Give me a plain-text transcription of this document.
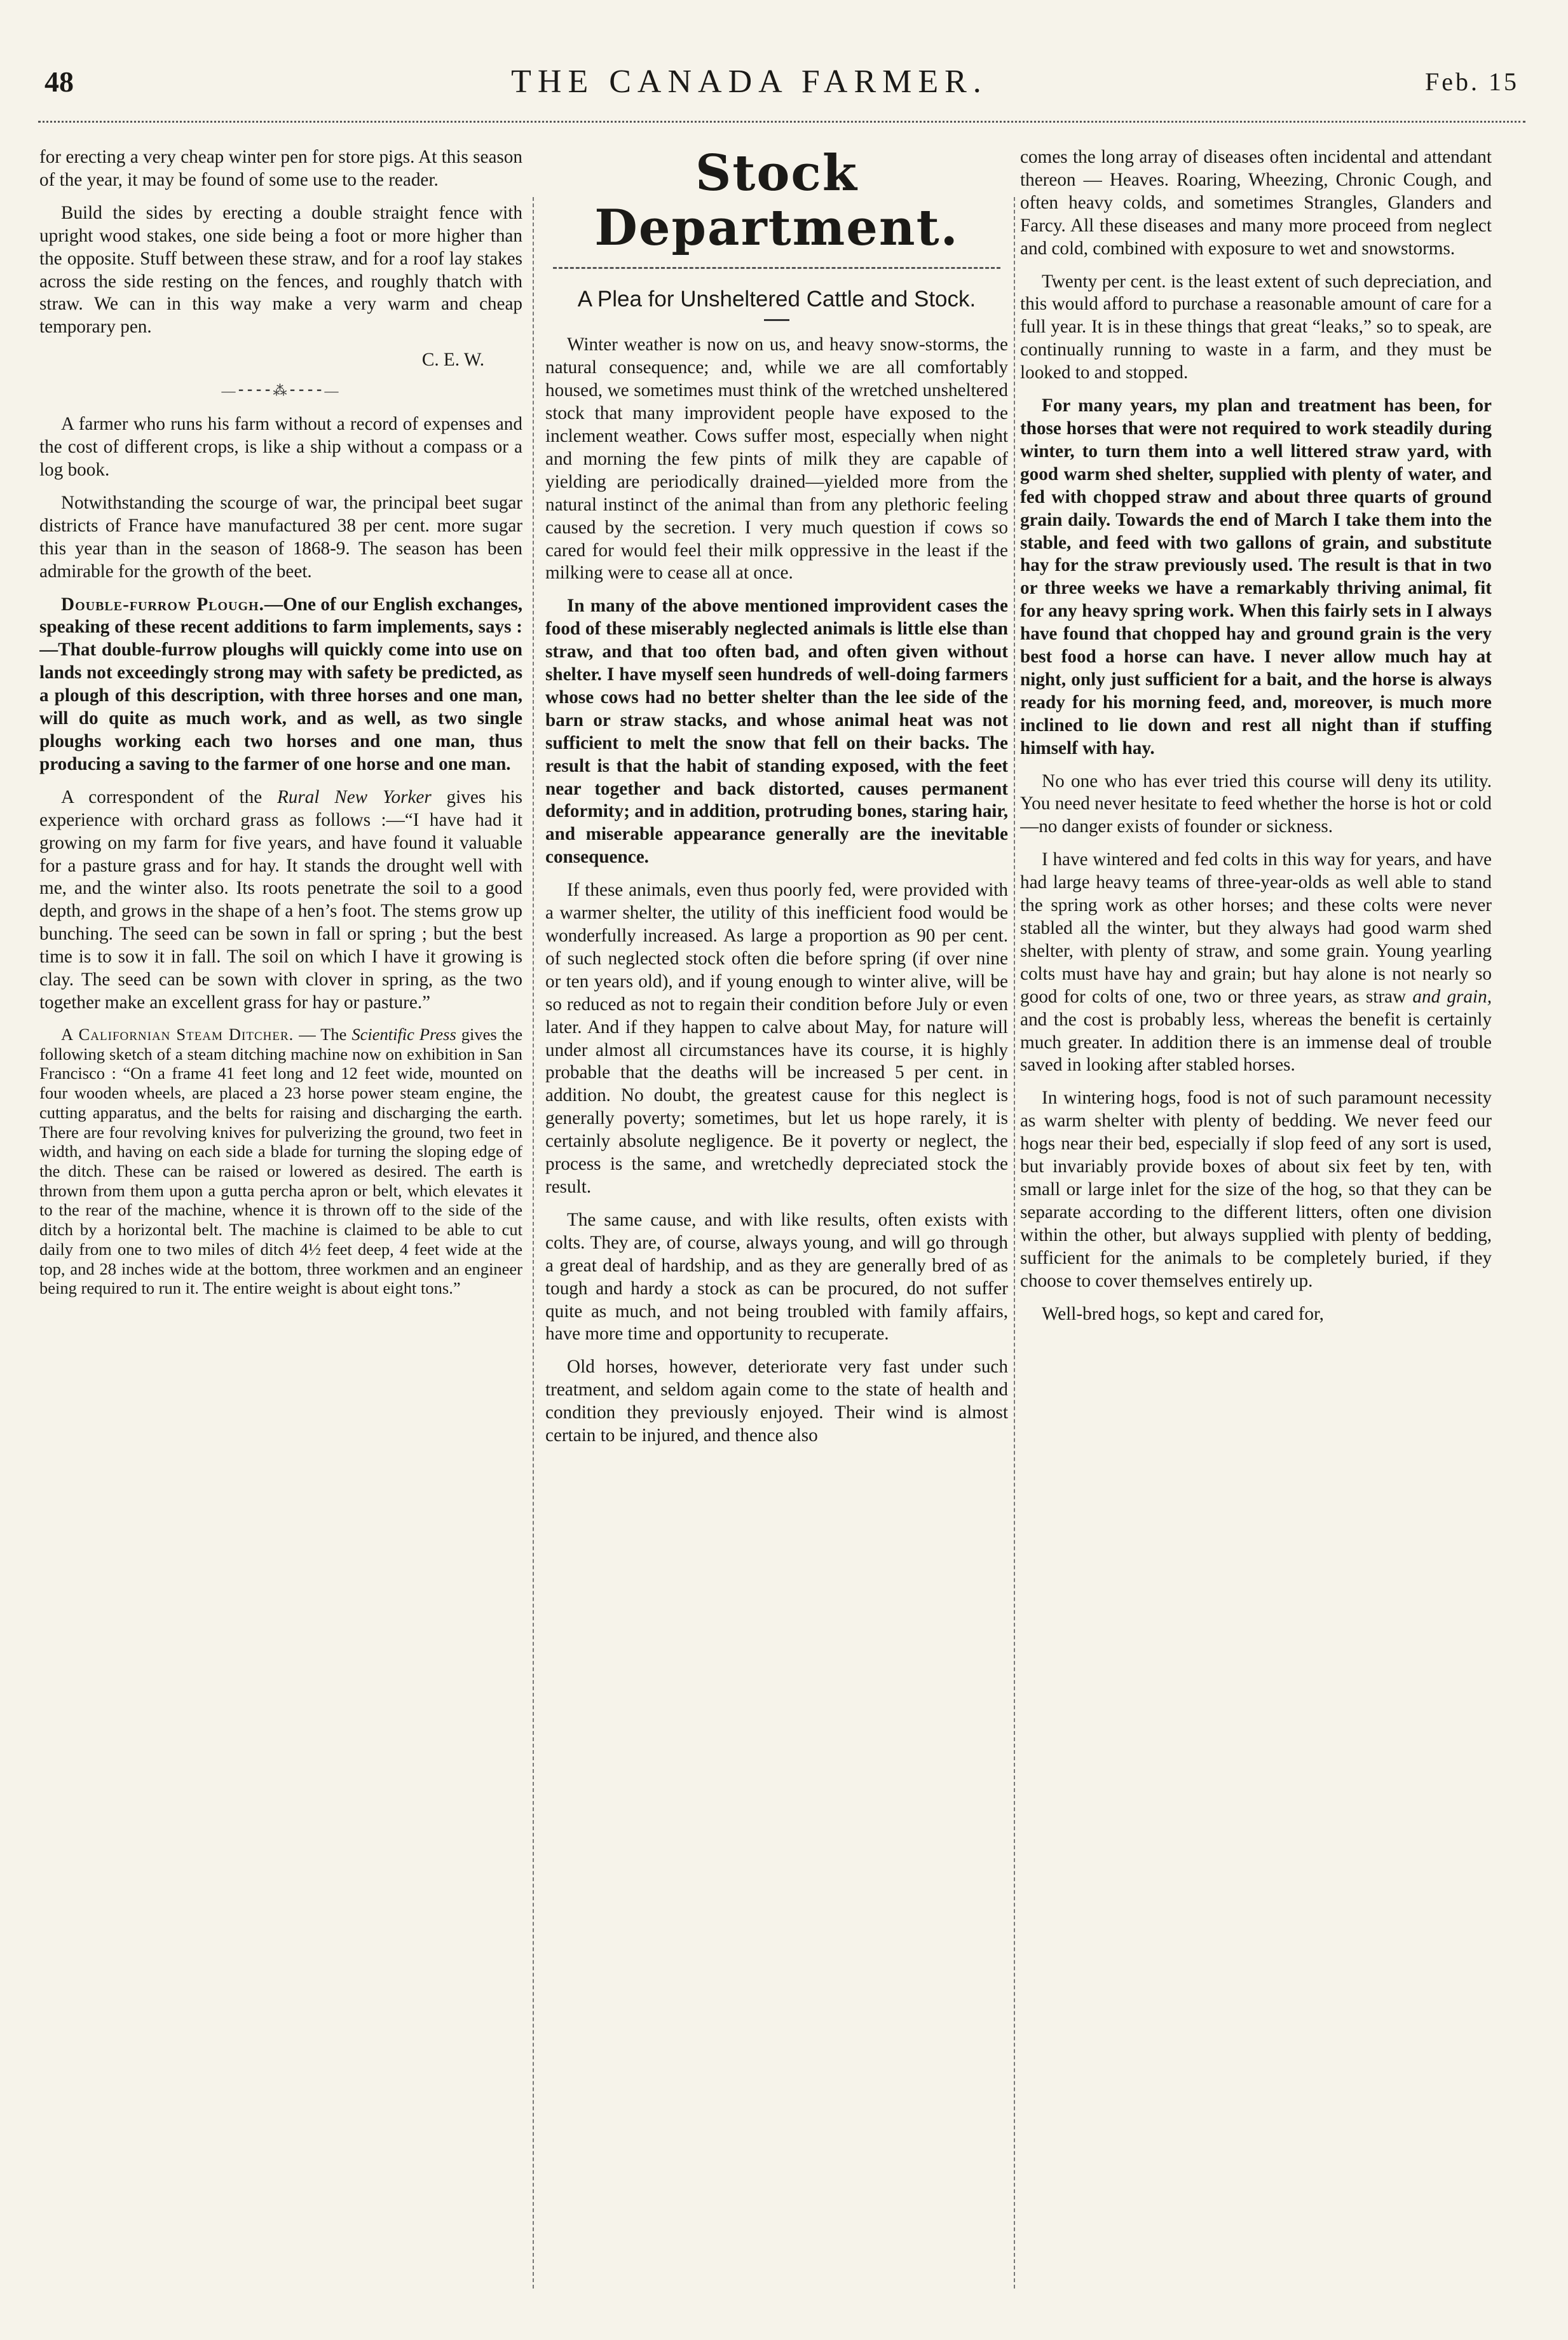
48	THE CANADA FARMER.	Feb. 15

for erecting a very cheap winter pen for store pigs. At this season of the year, it may be found of some use to the reader.

Build the sides by erecting a double straight fence with upright wood stakes, one side being a foot or more higher than the opposite. Stuff between these straw, and for a roof lay stakes across the side resting on the fences, and roughly thatch with straw. We can in this way make a very warm and cheap temporary pen.

C. E. W.

—⁃⁃⁃⁃⁂⁃⁃⁃⁃—

A farmer who runs his farm without a record of expenses and the cost of different crops, is like a ship without a compass or a log book.

Notwithstanding the scourge of war, the principal beet sugar districts of France have manufactured 38 per cent. more sugar this year than in the season of 1868-9. The season has been admirable for the growth of the beet.

Double-furrow Plough.—One of our English exchanges, speaking of these recent additions to farm implements, says :—That double-furrow ploughs will quickly come into use on lands not exceedingly strong may with safety be predicted, as a plough of this description, with three horses and one man, will do quite as much work, and as well, as two single ploughs working each two horses and one man, thus producing a saving to the farmer of one horse and one man.

A correspondent of the Rural New Yorker gives his experience with orchard grass as follows :—“I have had it growing on my farm for five years, and have found it valuable for a pasture grass and for hay. It stands the drought well with me, and the winter also. Its roots penetrate the soil to a good depth, and grows in the shape of a hen’s foot. The stems grow up bunching. The seed can be sown in fall or spring ; but the best time is to sow it in fall. The soil on which I have it growing is clay. The seed can be sown with clover in spring, as the two together make an excellent grass for hay or pasture.”

A Californian Steam Ditcher. — The Scientific Press gives the following sketch of a steam ditching machine now on exhibition in San Francisco : “On a frame 41 feet long and 12 feet wide, mounted on four wooden wheels, are placed a 23 horse power steam engine, the cutting apparatus, and the belts for raising and discharging the earth. There are four revolving knives for pulverizing the ground, two feet in width, and having on each side a blade for turning the sloping edge of the ditch. These can be raised or lowered as desired. The earth is thrown from them upon a gutta percha apron or belt, which elevates it to the rear of the machine, whence it is thrown off to the side of the ditch by a horizontal belt. The machine is claimed to be able to cut daily from one to two miles of ditch 4½ feet deep, 4 feet wide at the top, and 28 inches wide at the bottom, three workmen and an engineer being required to run it. The entire weight is about eight tons.”

Stock Department.
A Plea for Unsheltered Cattle and Stock.

Winter weather is now on us, and heavy snow-storms, the natural consequence; and, while we are all comfortably housed, we sometimes must think of the wretched unsheltered stock that many improvident people have exposed to the inclement weather. Cows suffer most, especially when night and morning the few pints of milk they are capable of yielding are periodically drained—yielded more from the natural instinct of the animal than from any plethoric feeling caused by the secretion. I very much question if cows so cared for would feel their milk oppressive in the least if the milking were to cease all at once.

In many of the above mentioned improvident cases the food of these miserably neglected animals is little else than straw, and that too often bad, and often given without shelter. I have myself seen hundreds of well-doing farmers whose cows had no better shelter than the lee side of the barn or straw stacks, and whose animal heat was not sufficient to melt the snow that fell on their backs. The result is that the habit of standing exposed, with the feet near together and back distorted, causes permanent deformity; and in addition, protruding bones, staring hair, and miserable appearance generally are the inevitable consequence.

If these animals, even thus poorly fed, were provided with a warmer shelter, the utility of this inefficient food would be wonderfully increased. As large a proportion as 90 per cent. of such neglected stock often die before spring (if over nine or ten years old), and if young enough to winter alive, will be so reduced as not to regain their condition before July or even later. And if they happen to calve about May, for nature will under almost all circumstances have its course, it is highly probable that the deaths will be increased 5 per cent. in addition. No doubt, the greatest cause for this neglect is generally poverty; sometimes, but let us hope rarely, it is certainly absolute negligence. Be it poverty or neglect, the process is the same, and wretchedly depreciated stock the result.

The same cause, and with like results, often exists with colts. They are, of course, always young, and will go through a great deal of hardship, and as they are generally bred of as tough and hardy a stock as can be procured, do not suffer quite as much, and not being troubled with family affairs, have more time and opportunity to recuperate.

Old horses, however, deteriorate very fast under such treatment, and seldom again come to the state of health and condition they previously enjoyed. Their wind is almost certain to be injured, and thence also

comes the long array of diseases often incidental and attendant thereon — Heaves. Roaring, Wheezing, Chronic Cough, and often heavy colds, and sometimes Strangles, Glanders and Farcy. All these diseases and many more proceed from neglect and cold, combined with exposure to wet and snowstorms.

Twenty per cent. is the least extent of such depreciation, and this would afford to purchase a reasonable amount of care for a full year. It is in these things that great “leaks,” so to speak, are continually running to waste in a farm, and they must be looked to and stopped.

For many years, my plan and treatment has been, for those horses that were not required to work steadily during winter, to turn them into a well littered straw yard, with good warm shed shelter, supplied with plenty of water, and fed with chopped straw and about three quarts of ground grain daily. Towards the end of March I take them into the stable, and feed with two gallons of grain, and substitute hay for the straw previously used. The result is that in two or three weeks we have a remarkably thriving animal, fit for any heavy spring work. When this fairly sets in I always have found that chopped hay and ground grain is the very best food a horse can have. I never allow much hay at night, only just sufficient for a bait, and the horse is always ready for his morning feed, and, moreover, is much more inclined to lie down and rest all night than if stuffing himself with hay.

No one who has ever tried this course will deny its utility. You need never hesitate to feed whether the horse is hot or cold—no danger exists of founder or sickness.

I have wintered and fed colts in this way for years, and have had large heavy teams of three-year-olds as well able to stand the spring work as other horses; and these colts were never stabled all the winter, but they always had good warm shed shelter, with plenty of straw, and some grain. Young yearling colts must have hay and grain; but hay alone is not nearly so good for colts of one, two or three years, as straw and grain, and the cost is probably less, whereas the benefit is certainly much greater. In addition there is an immense deal of trouble saved in looking after stabled horses.

In wintering hogs, food is not of such paramount necessity as warm shelter with plenty of bedding. We never feed our hogs near their bed, especially if slop feed of any sort is used, but invariably provide boxes of about six feet by ten, with small or large inlet for the size of the hog, so that they can be separate according to the different litters, often one division within the other, but always supplied with plenty of bedding, sufficient for the animals to be completely buried, if they choose to cover themselves entirely up.

Well-bred hogs, so kept and cared for,
